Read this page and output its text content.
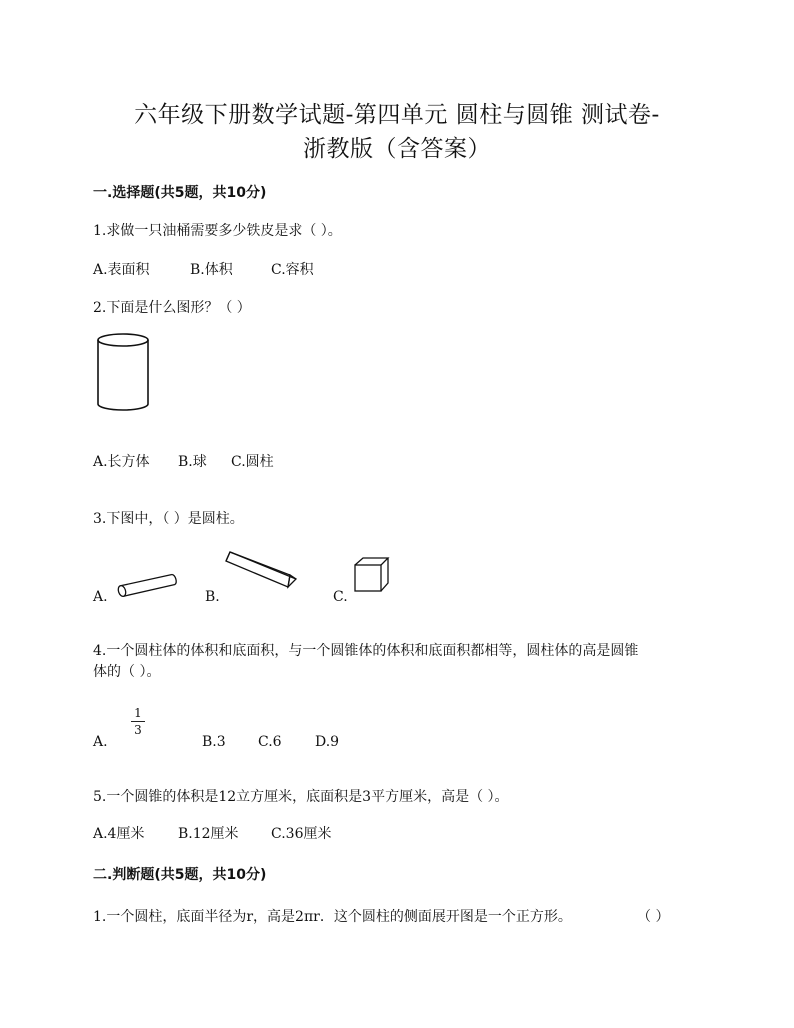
六年级下册数学试题-第四单元 圆柱与圆锥 测试卷-
浙教版（含答案）
一.选择题(共5题，共10分)
1.求做一只油桶需要多少铁皮是求（ ）。
A.表面积	B.体积	C.容积
2.下面是什么图形？（ ）
A.长方体 B.球 C.圆柱
3.下图中，（ ）是圆柱。
A.	B.	C.
4.一个圆柱体的体积和底面积，与一个圆锥体的体积和底面积都相等，圆柱体的高是圆锥
体的（ ）。
1
3
A.	B.3 C.6 D.9
5.一个圆锥的体积是12立方厘米，底面积是3平方厘米，高是（ ）。
A.4厘米 B.12厘米 C.36厘米
二.判断题(共5题，共10分)
1.一个圆柱，底面半径为r，高是2πr．这个圆柱的侧面展开图是一个正方形。	（ ）
